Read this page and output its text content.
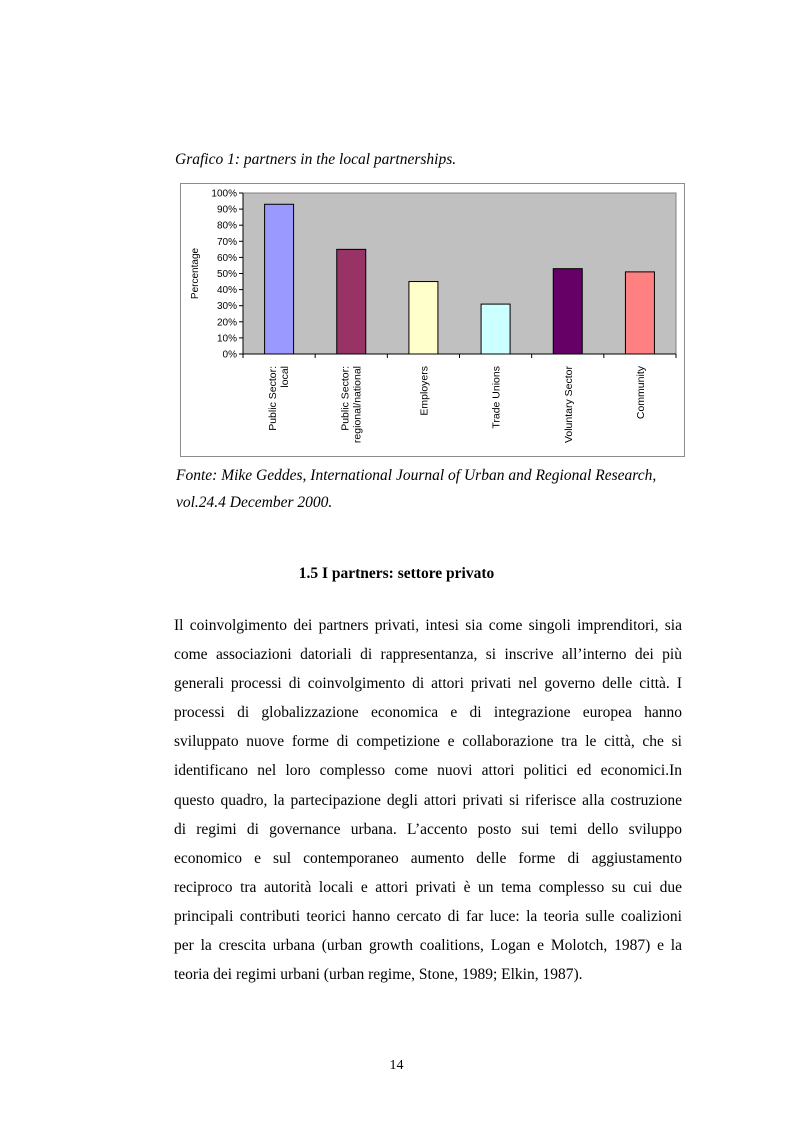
Grafico 1: partners in the local partnerships.
0%
10%
20%
30%
40%
50%
60%
70%
80%
90%
100%
Percentage
Public Sector:local	Public Sector:regional/national	Employers	Trade Unions	Voluntary Sector	Community
Fonte: Mike Geddes, International Journal of Urban and Regional Research, vol.24.4 December 2000.
1.5 I partners: settore privato
Il coinvolgimento dei partners privati, intesi sia come singoli imprenditori, sia
come associazioni datoriali di rappresentanza, si inscrive all’interno dei più
generali processi di coinvolgimento di attori privati nel governo delle città. I
processi di globalizzazione economica e di integrazione europea hanno
sviluppato nuove forme di competizione e collaborazione tra le città, che si
identificano nel loro complesso come nuovi attori politici ed economici.In
questo quadro, la partecipazione degli attori privati si riferisce alla costruzione
di regimi di governance urbana. L’accento posto sui temi dello sviluppo
economico e sul contemporaneo aumento delle forme di aggiustamento
reciproco tra autorità locali e attori privati è un tema complesso su cui due
principali contributi teorici hanno cercato di far luce: la teoria sulle coalizioni
per la crescita urbana (urban growth coalitions, Logan e Molotch, 1987) e la
teoria dei regimi urbani (urban regime, Stone, 1989; Elkin, 1987).
14
